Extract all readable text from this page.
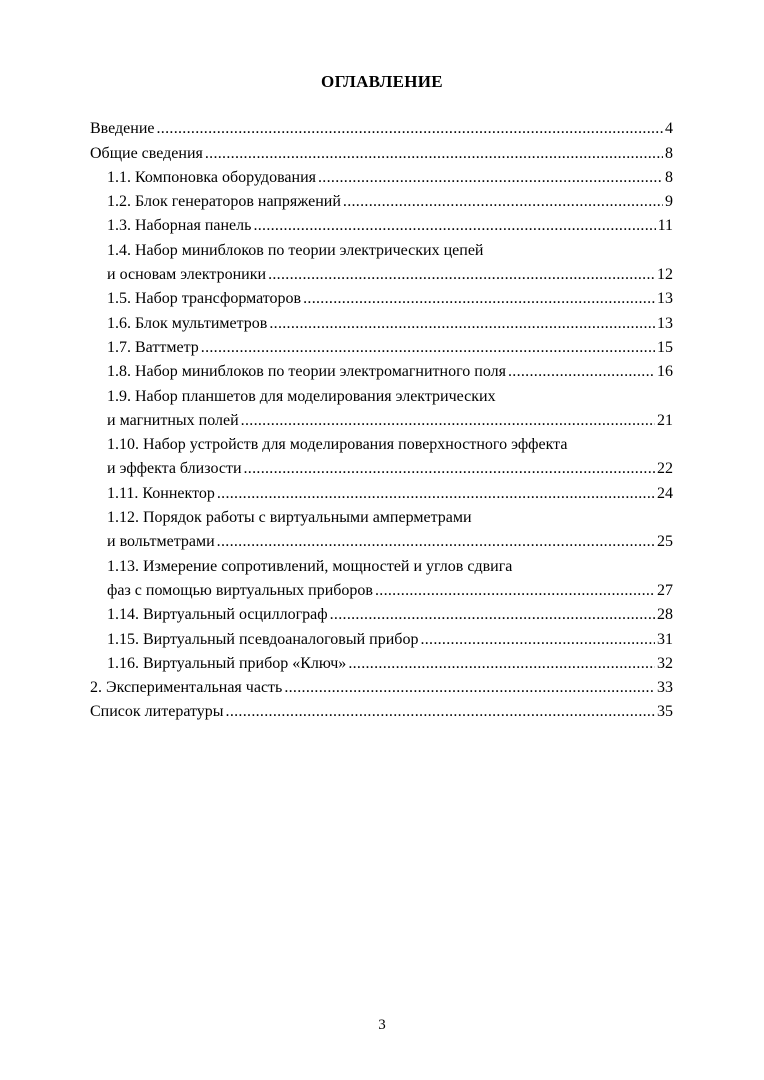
ОГЛАВЛЕНИЕ
Введение .....	4
Общие сведения .....	8
1.1. Компоновка оборудования .....	8
1.2. Блок генераторов напряжений .....	9
1.3. Наборная панель .....	11
1.4. Набор миниблоков по теории электрических цепей
и основам электроники .....	12
1.5. Набор трансформаторов .....	13
1.6. Блок мультиметров .....	13
1.7. Ваттметр .....	15
1.8. Набор миниблоков по теории электромагнитного поля .....	16
1.9. Набор планшетов для моделирования электрических
и магнитных полей .....	21
1.10. Набор устройств для моделирования поверхностного эффекта
и эффекта близости .....	22
1.11. Коннектор .....	24
1.12. Порядок работы с виртуальными амперметрами
и вольтметрами .....	25
1.13. Измерение сопротивлений, мощностей и углов сдвига
фаз с помощью виртуальных приборов .....	27
1.14. Виртуальный осциллограф .....	28
1.15. Виртуальный псевдоаналоговый прибор .....	31
1.16. Виртуальный прибор «Ключ» .....	32
2. Экспериментальная часть .....	33
Список литературы .....	35
3
